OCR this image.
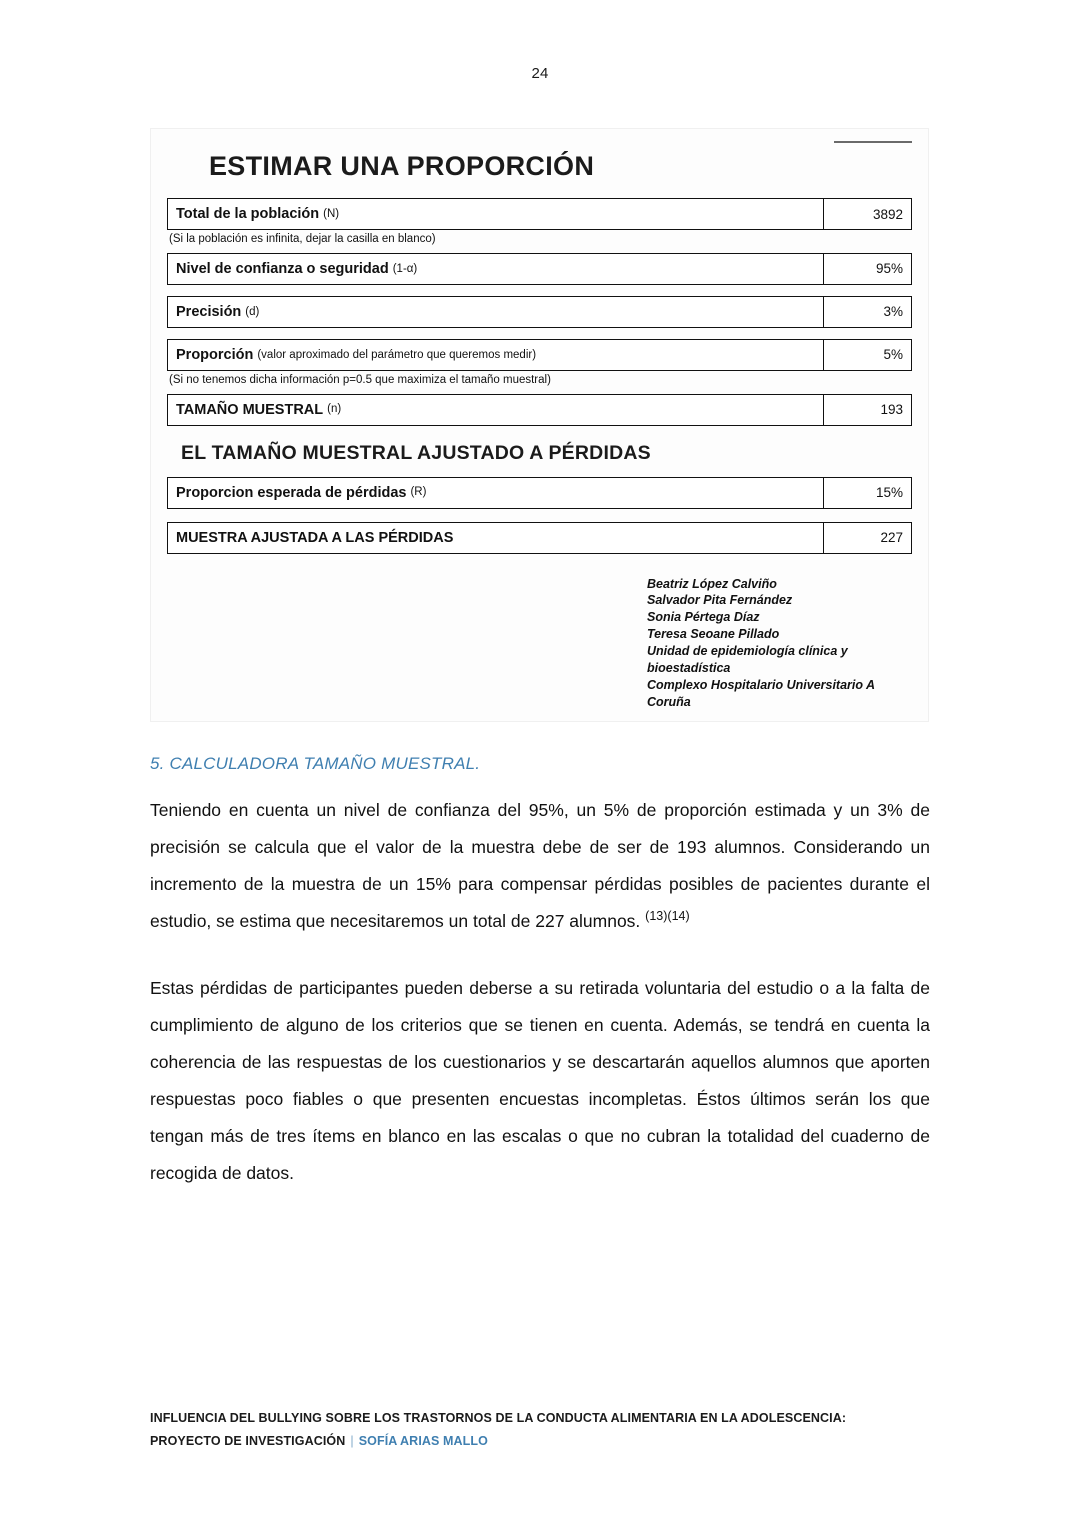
24
ESTIMAR UNA PROPORCIÓN
Total de la población (N)	3892
(Si la población es infinita, dejar la casilla en blanco)
Nivel de confianza o seguridad (1-α)	95%
Precisión (d)	3%
Proporción (valor aproximado del parámetro que queremos medir)	5%
(Si no tenemos dicha información p=0.5 que maximiza el tamaño muestral)
TAMAÑO MUESTRAL (n)	193
EL TAMAÑO MUESTRAL AJUSTADO A PÉRDIDAS
Proporcion esperada de pérdidas (R)	15%
MUESTRA AJUSTADA A LAS PÉRDIDAS	227
Beatriz López Calviño
Salvador Pita Fernández
Sonia Pértega Díaz
Teresa Seoane Pillado
Unidad de epidemiología clínica y bioestadística
Complexo Hospitalario Universitario A Coruña
5. CALCULADORA TAMAÑO MUESTRAL.

Teniendo en cuenta un nivel de confianza del 95%, un 5% de proporción estimada y un 3% de precisión se calcula que el valor de la muestra debe de ser de 193 alumnos. Considerando un incremento de la muestra de un 15% para compensar pérdidas posibles de pacientes durante el estudio, se estima que necesitaremos un total de 227 alumnos. $^{(13)(14)}$

Estas pérdidas de participantes pueden deberse a su retirada voluntaria del estudio o a la falta de cumplimiento de alguno de los criterios que se tienen en cuenta. Además, se tendrá en cuenta la coherencia de las respuestas de los cuestionarios y se descartarán aquellos alumnos que aporten respuestas poco fiables o que presenten encuestas incompletas. Éstos últimos serán los que tengan más de tres ítems en blanco en las escalas o que no cubran la totalidad del cuaderno de recogida de datos.

INFLUENCIA DEL BULLYING SOBRE LOS TRASTORNOS DE LA CONDUCTA ALIMENTARIA EN LA ADOLESCENCIA:
PROYECTO DE INVESTIGACIÓN | SOFÍA ARIAS MALLO
